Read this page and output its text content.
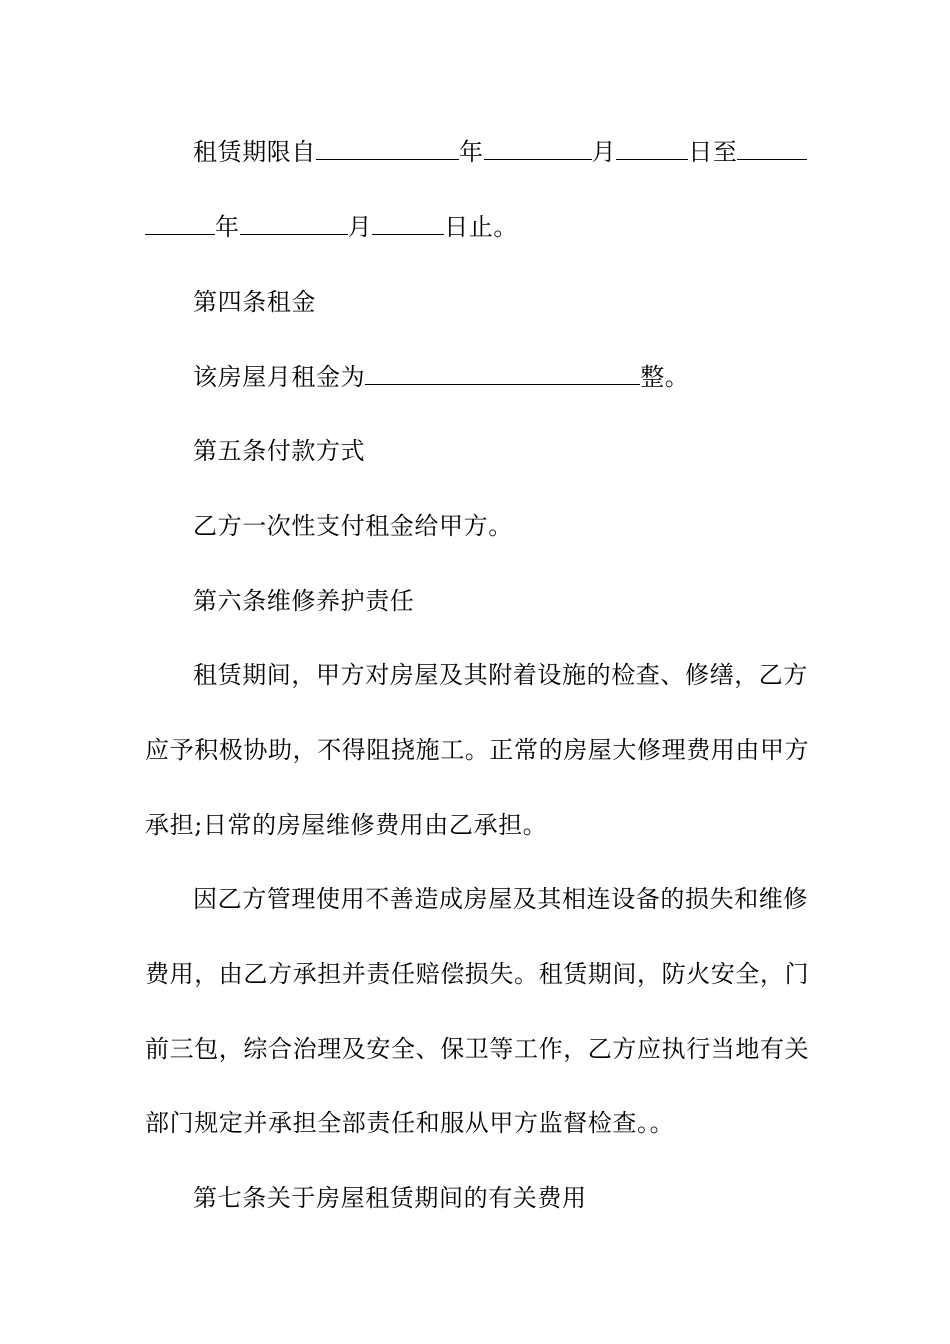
租赁期限自	年	月	日至
年	月	日止。
第四条租金
该房屋月租金为	整。
第五条付款方式
乙方一次性支付租金给甲方。
第六条维修养护责任
租赁期间，甲方对房屋及其附着设施的检查、修缮，乙方
应予积极协助，不得阻挠施工。正常的房屋大修理费用由甲方
承担;日常的房屋维修费用由乙承担。
因乙方管理使用不善造成房屋及其相连设备的损失和维修
费用，由乙方承担并责任赔偿损失。租赁期间，防火安全，门
前三包，综合治理及安全、保卫等工作，乙方应执行当地有关
部门规定并承担全部责任和服从甲方监督检查。。
第七条关于房屋租赁期间的有关费用
